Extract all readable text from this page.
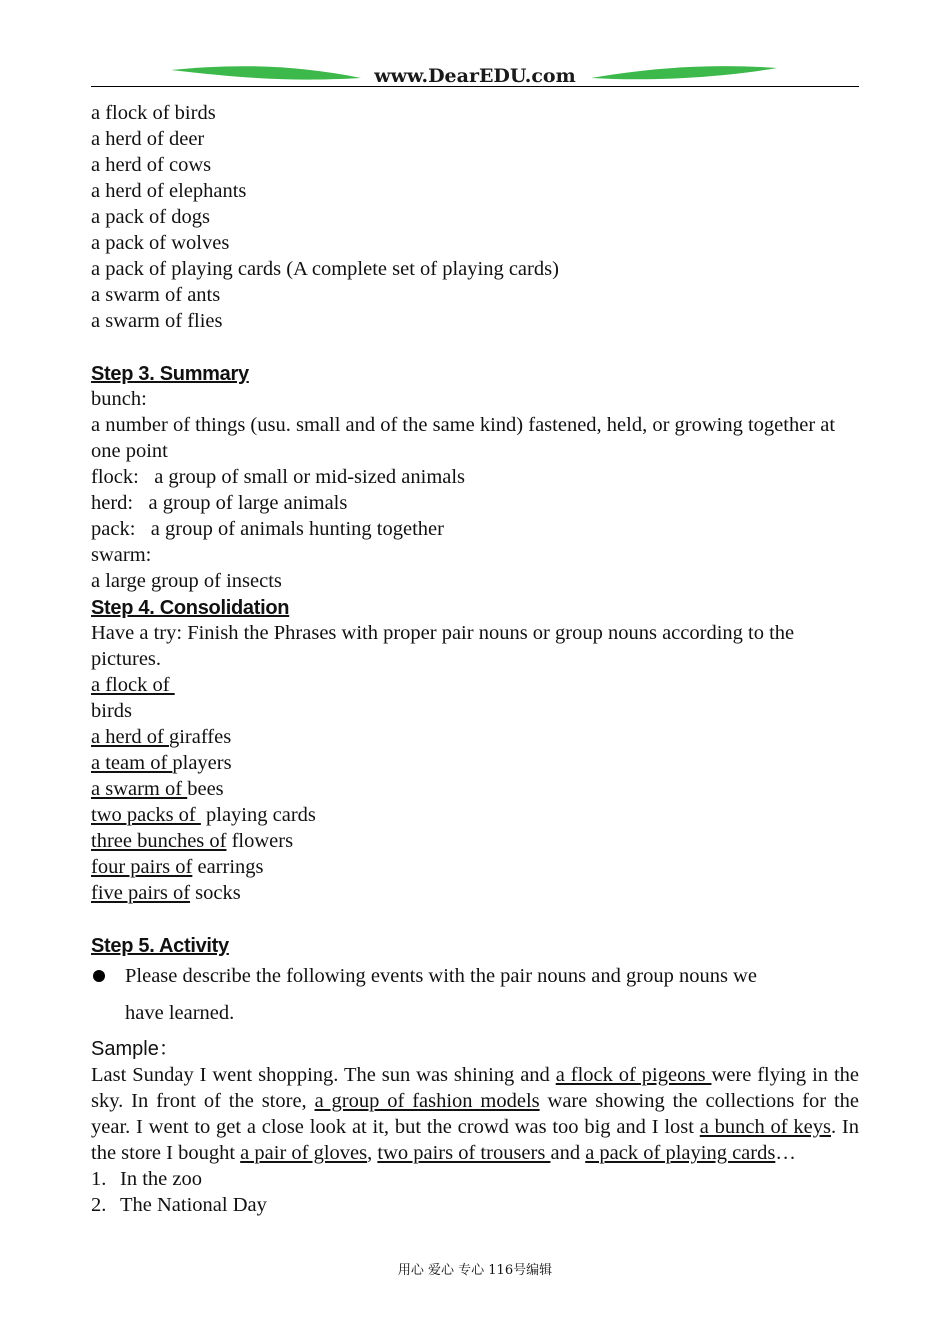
www.DearEDU.com
a flock of birds
a herd of deer
a herd of cows
a herd of elephants
a pack of dogs
a pack of wolves
a pack of playing cards (A complete set of playing cards)
a swarm of ants
a swarm of flies
Step 3. Summary
bunch:
a number of things (usu. small and of the same kind) fastened, held, or growing together at one point
flock:   a group of small or mid-sized animals
herd:   a group of large animals
pack:   a group of animals hunting together
swarm:
a large group of insects
Step 4. Consolidation
Have a try: Finish the Phrases with proper pair nouns or group nouns according to the pictures.
a flock of
birds
a herd of giraffes
a team of players
a swarm of bees
two packs of  playing cards
three bunches of flowers
four pairs of earrings
five pairs of socks
Step 5. Activity
Please describe the following events with the pair nouns and group nouns we
have learned.
Sample：
Last Sunday I went shopping. The sun was shining and a flock of pigeons were flying in the sky. In front of the store, a group of fashion models ware showing the collections for the year. I went to get a close look at it, but the crowd was too big and I lost a bunch of keys. In the store I bought a pair of gloves, two pairs of trousers and a pack of playing cards…
1. In the zoo
2. The National Day
用心 爱心 专心 116号编辑
